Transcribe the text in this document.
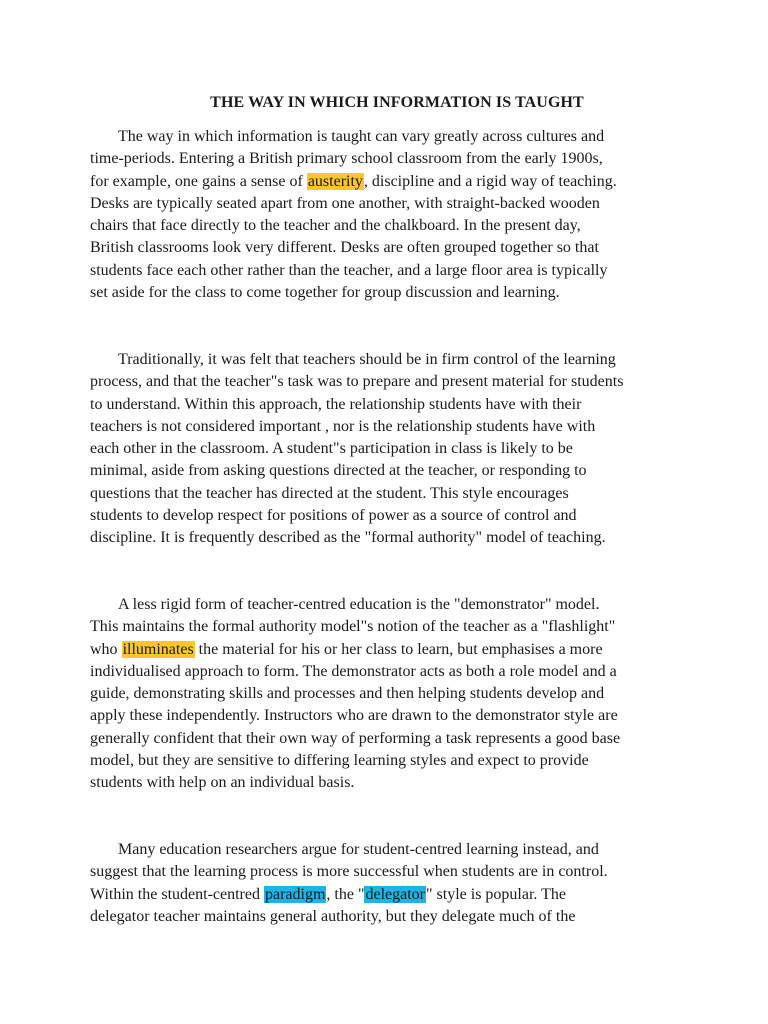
THE WAY IN WHICH INFORMATION IS TAUGHT
The way in which information is taught can vary greatly across cultures and
time-periods. Entering a British primary school classroom from the early 1900s,
for example, one gains a sense of austerity, discipline and a rigid way of teaching.
Desks are typically seated apart from one another, with straight-backed wooden
chairs that face directly to the teacher and the chalkboard. In the present day,
British classrooms look very different. Desks are often grouped together so that
students face each other rather than the teacher, and a large floor area is typically
set aside for the class to come together for group discussion and learning.
Traditionally, it was felt that teachers should be in firm control of the learning
process, and that the teacher"s task was to prepare and present material for students
to understand. Within this approach, the relationship students have with their
teachers is not considered important , nor is the relationship students have with
each other in the classroom. A student"s participation in class is likely to be
minimal, aside from asking questions directed at the teacher, or responding to
questions that the teacher has directed at the student. This style encourages
students to develop respect for positions of power as a source of control and
discipline. It is frequently described as the "formal authority" model of teaching.
A less rigid form of teacher-centred education is the "demonstrator" model.
This maintains the formal authority model"s notion of the teacher as a "flashlight"
who illuminates the material for his or her class to learn, but emphasises a more
individualised approach to form. The demonstrator acts as both a role model and a
guide, demonstrating skills and processes and then helping students develop and
apply these independently. Instructors who are drawn to the demonstrator style are
generally confident that their own way of performing a task represents a good base
model, but they are sensitive to differing learning styles and expect to provide
students with help on an individual basis.
Many education researchers argue for student-centred learning instead, and
suggest that the learning process is more successful when students are in control.
Within the student-centred paradigm, the "delegator" style is popular. The
delegator teacher maintains general authority, but they delegate much of the
